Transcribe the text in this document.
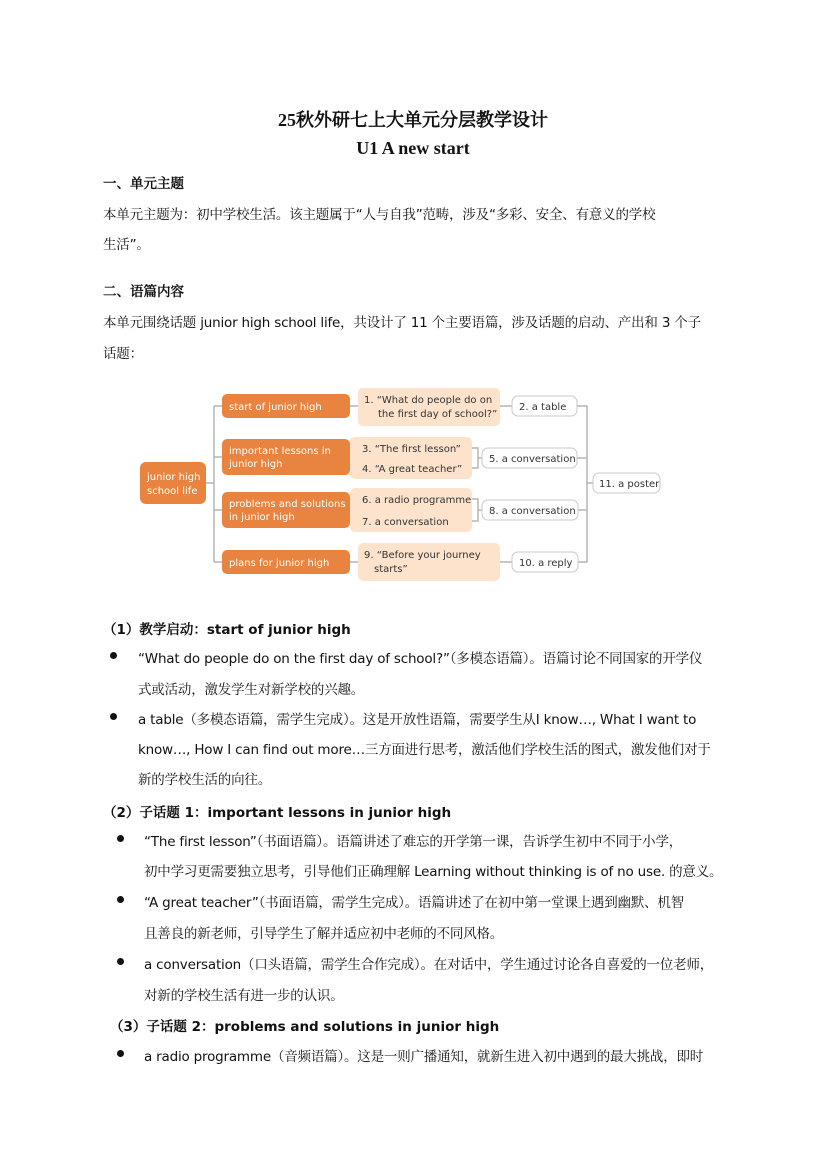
25秋外研七上大单元分层教学设计
U1 A new start
一、单元主题
本单元主题为：初中学校生活。该主题属于“人与自我”范畴，涉及“多彩、安全、有意义的学校
生活”。
二、语篇内容
本单元围绕话题 junior high school life，共设计了 11 个主要语篇，涉及话题的启动、产出和 3 个子
话题：
junior high
school life
start of junior high
important lessons in
junior high
problems and solutions
in junior high
plans for junior high
1. “What do people do on
the first day of school?”
3. “The first lesson”
4. “A great teacher”
6. a radio programme
7. a conversation
9. “Before your journey
starts”
2. a table
5. a conversation
8. a conversation
10. a reply
11. a poster
（1）教学启动：start of junior high
“What do people do on the first day of school?”（多模态语篇）。语篇讨论不同国家的开学仪
式或活动，激发学生对新学校的兴趣。
a table（多模态语篇，需学生完成）。这是开放性语篇，需要学生从I know…, What I want to
know…, How I can find out more…三方面进行思考，激活他们学校生活的图式，激发他们对于
新的学校生活的向往。
（2）子话题 1：important lessons in junior high
“The first lesson”（书面语篇）。语篇讲述了难忘的开学第一课，告诉学生初中不同于小学，
初中学习更需要独立思考，引导他们正确理解 Learning without thinking is of no use. 的意义。
“A great teacher”（书面语篇，需学生完成）。语篇讲述了在初中第一堂课上遇到幽默、机智
且善良的新老师，引导学生了解并适应初中老师的不同风格。
a conversation（口头语篇，需学生合作完成）。在对话中，学生通过讨论各自喜爱的一位老师，
对新的学校生活有进一步的认识。
（3）子话题 2：problems and solutions in junior high
a radio programme（音频语篇）。这是一则广播通知，就新生进入初中遇到的最大挑战，即时
